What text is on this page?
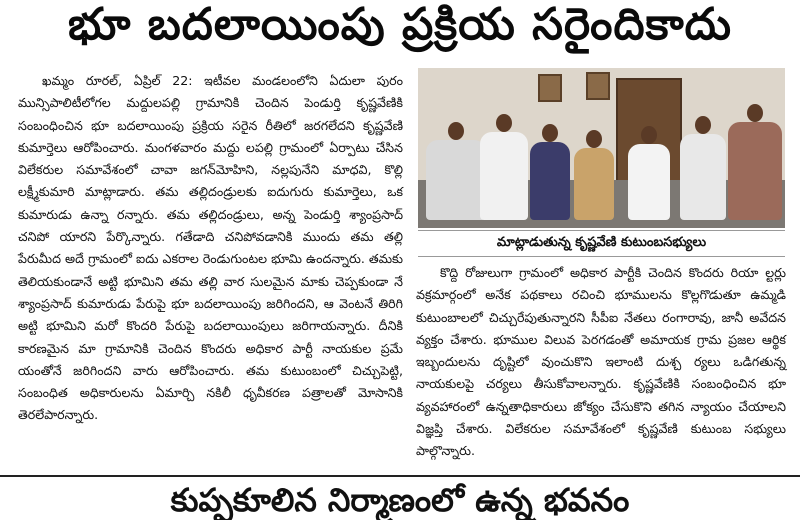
భూ బదలాయింపు ప్రక్రియ సరైందికాదు

ఖమ్మం రూరల్‌, ఏప్రిల్‌ 22: ఇటీవల మండలంలోని ఏదులా పురం మున్సిపాలిటీలోగల మద్దులపల్లి గ్రామానికి చెందిన పెండుర్తి కృష్ణవేణికి సంబంధించిన భూ బదలాయింపు ప్రక్రియ సరైన రీతిలో జరగలేదని కృష్ణవేణి కుమార్తెలు ఆరోపించారు. మంగళవారం మద్దు లపల్లి గ్రామంలో ఏర్పాటు చేసిన విలేకరుల సమావేశంలో చావా జగన్‌మోహిని, నల్లపునేని మాధవి, కొల్లి లక్ష్మీకుమారి మాట్లాడారు. తమ తల్లిదండ్రులకు ఐదుగురు కుమార్తెలు, ఒక కుమారుడు ఉన్నా రన్నారు. తమ తల్లిదండ్రులు, అన్న పెండుర్తి శ్యాంప్రసాద్‌ చనిపో యారని పేర్కొన్నారు. గతేడాది చనిపోవడానికి ముందు తమ తల్లి పేరుమీద అదే గ్రామంలో ఐదు ఎకరాల రెండుగుంటల భూమి ఉందన్నారు. తమకు తెలియకుండానే అట్టి భూమిని తమ తల్లి వార సులమైన మాకు చెప్పకుండా నే శ్యాంప్రసాద్‌ కుమారుడు పేరుపై భూ బదలాయింపు జరిగిందని, ఆ వెంటనే తిరిగి అట్టి భూమిని మరో కొందరి పేరుపై బదలాయింపులు జరిగాయన్నారు. దీనికి కారణమైన మా గ్రామానికి చెందిన కొందరు అధికార పార్టీ నాయకుల ప్రమే యంతోనే జరిగిందని వారు ఆరోపించారు. తమ కుటుంబంలో చిచ్చుపెట్టి, సంబంధిత అధికారులను ఏమార్చి నకిలీ ధృవీకరణ పత్రాలతో మోసానికి తెరలేపారన్నారు.

మాట్లాడుతున్న కృష్ణవేణి కుటుంబసభ్యులు

కొద్ది రోజులుగా గ్రామంలో అధికార పార్టీకి చెందిన కొందరు రియా ల్టర్లు వక్రమార్గంలో అనేక పథకాలు రచించి భూములను కొల్లగొడుతూ ఉమ్మడి కుటుంబాలలో చిచ్చురేపుతున్నారని సీపీఐ నేతలు రంగారావు, జానీ అవేదన వ్యక్తం చేశారు. భూముల విలువ పెరగడంతో అమాయక గ్రామ ప్రజల ఆర్థిక ఇబ్బందులను దృష్టిలో వుంచుకొని ఇలాంటి దుశ్చ ర్యలు ఒడిగతున్న నాయకులపై చర్యలు తీసుకోవాలన్నారు. కృష్ణవేణికి సంబంధించిన భూ వ్యవహారంలో ఉన్నతాధికారులు జోక్యం చేసుకొని తగిన న్యాయం చేయాలని విజ్ఞప్తి చేశారు. విలేకరుల సమావేశంలో కృష్ణవేణి కుటుంబ సభ్యులు పాల్గొన్నారు.

కుప్పకూలిన నిర్మాణంలో ఉన్న భవనం
